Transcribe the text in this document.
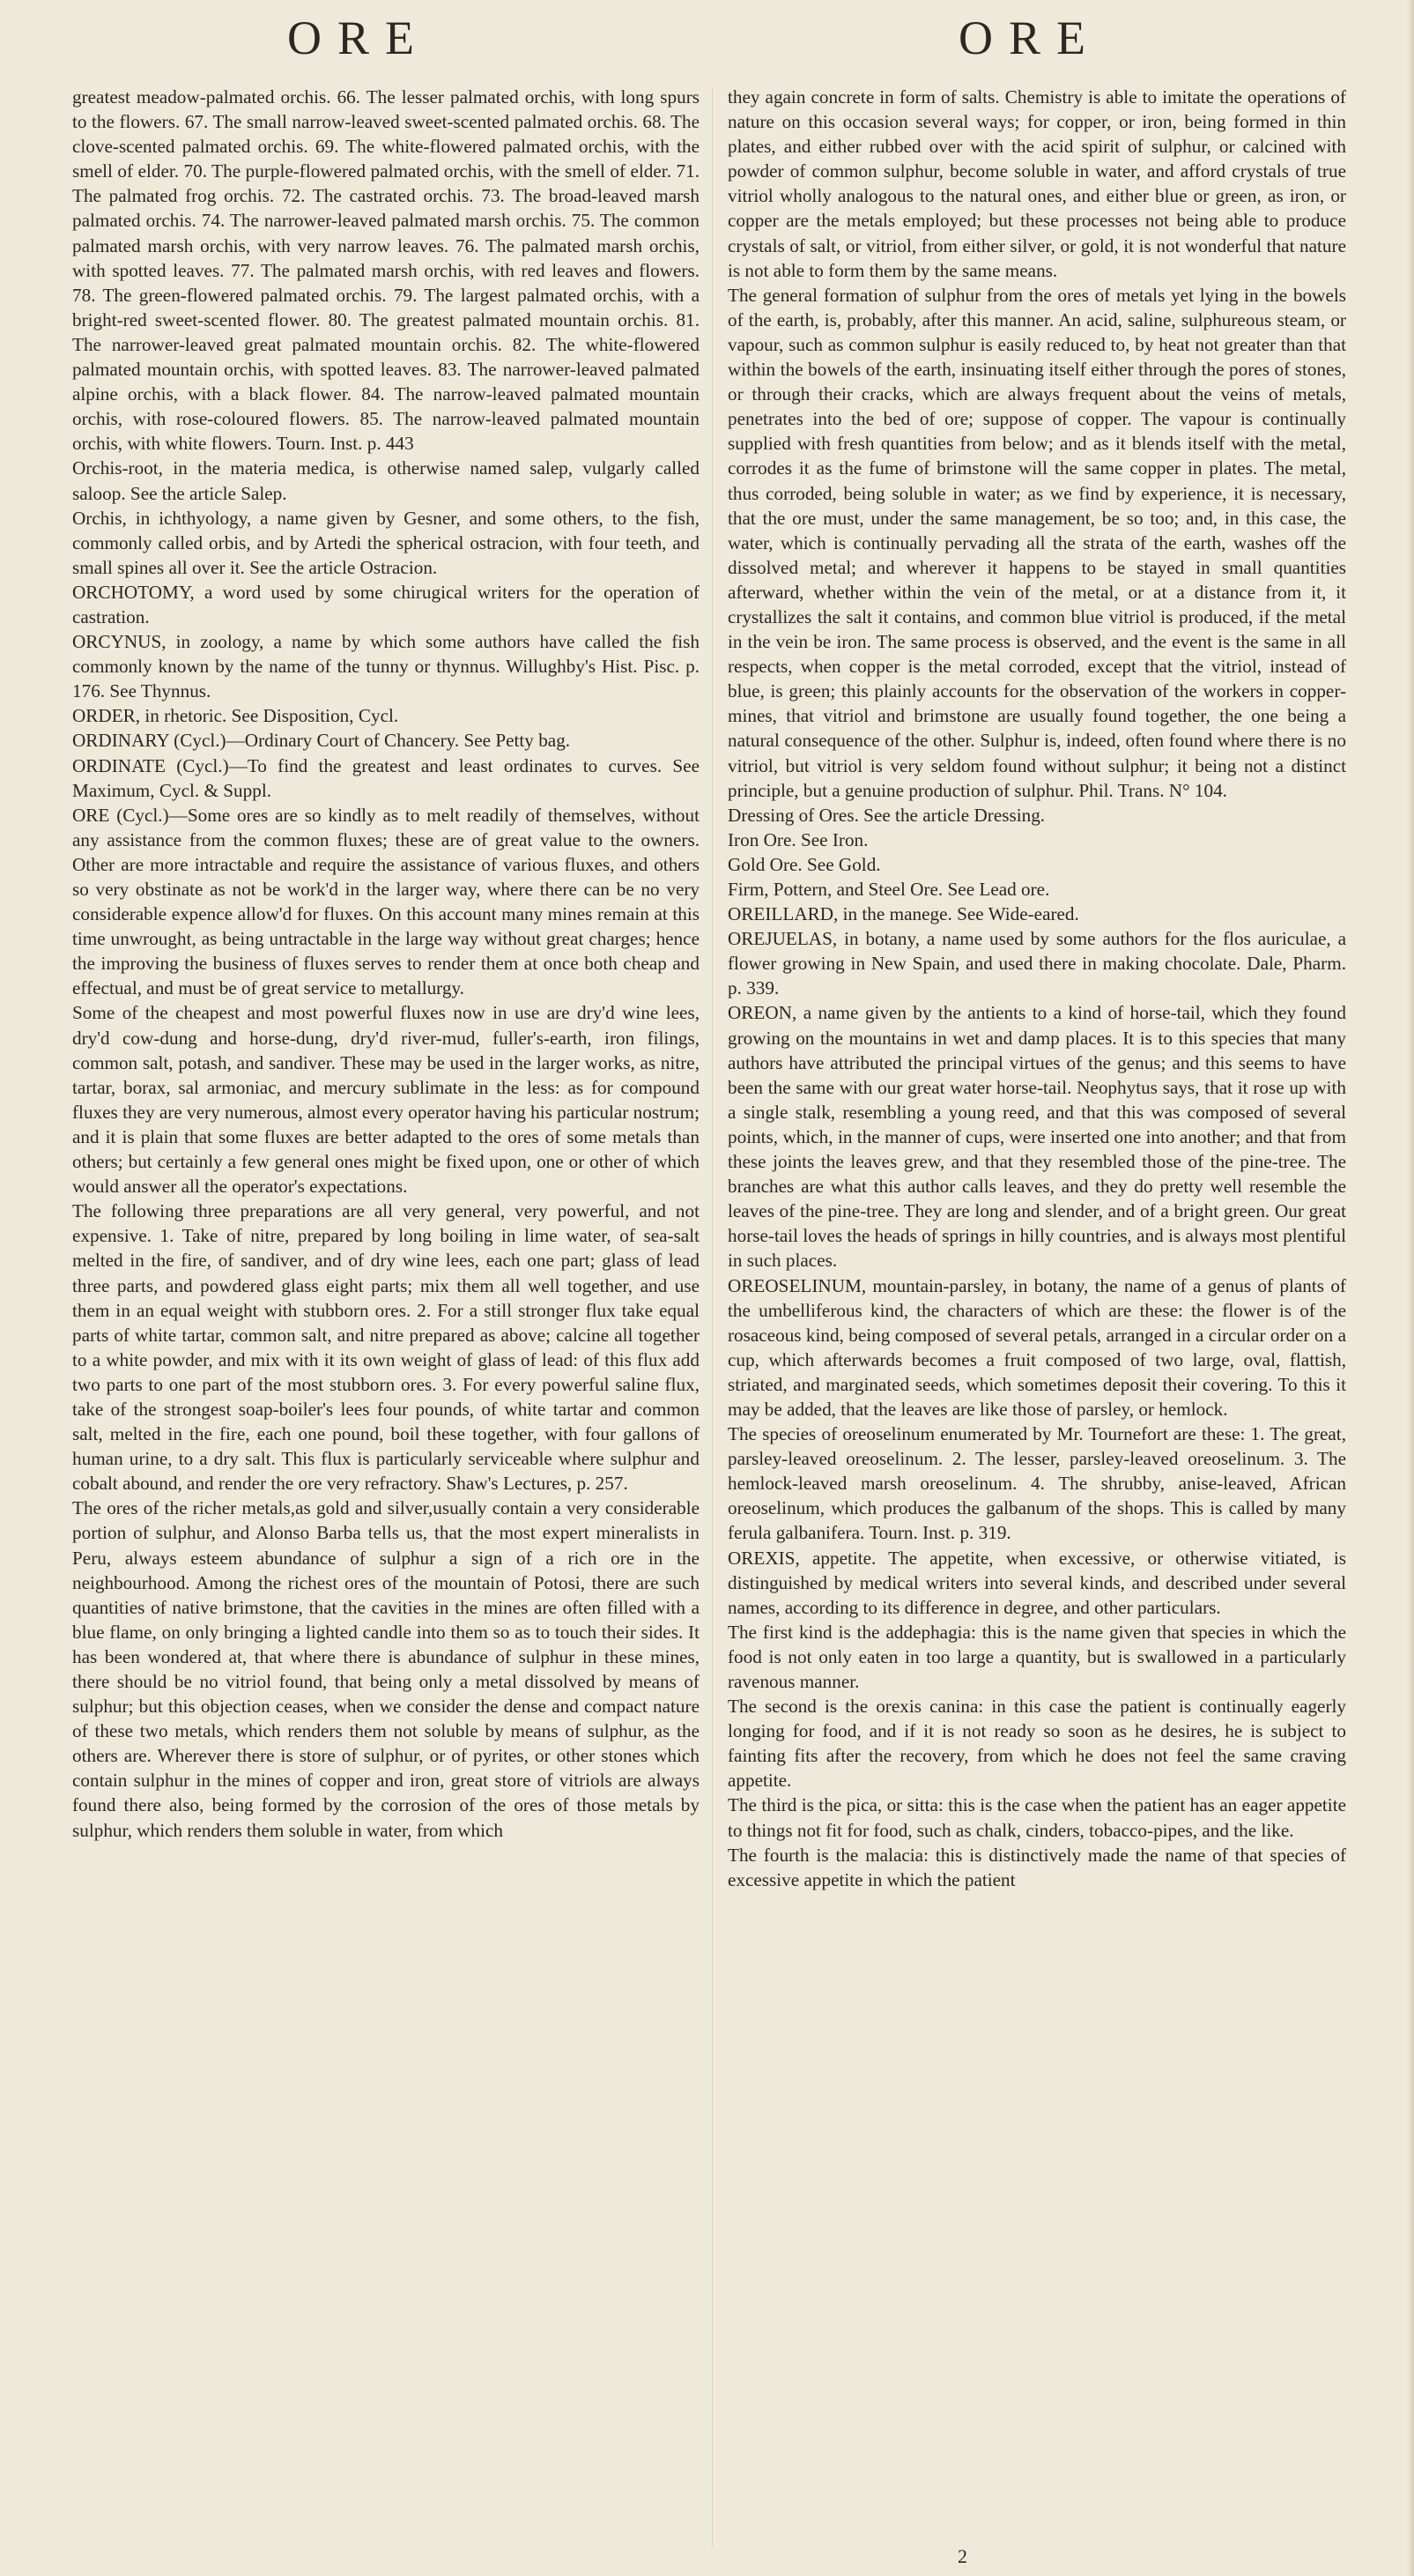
ORE	ORE

greatest meadow-palmated orchis. 66. The lesser palmated orchis, with long spurs to the flowers. 67. The small narrow-leaved sweet-scented palmated orchis. 68. The clove-scented palmated orchis. 69. The white-flowered palmated orchis, with the smell of elder. 70. The purple-flowered palmated orchis, with the smell of elder. 71. The palmated frog orchis. 72. The castrated orchis. 73. The broad-leaved marsh palmated orchis. 74. The narrower-leaved palmated marsh orchis. 75. The common palmated marsh orchis, with very narrow leaves. 76. The palmated marsh orchis, with spotted leaves. 77. The palmated marsh orchis, with red leaves and flowers. 78. The green-flowered palmated orchis. 79. The largest palmated orchis, with a bright-red sweet-scented flower. 80. The greatest palmated mountain orchis. 81. The narrower-leaved great palmated mountain orchis. 82. The white-flowered palmated mountain orchis, with spotted leaves. 83. The narrower-leaved palmated alpine orchis, with a black flower. 84. The narrow-leaved palmated mountain orchis, with rose-coloured flowers. 85. The narrow-leaved palmated mountain orchis, with white flowers. Tourn. Inst. p. 443

Orchis-root, in the materia medica, is otherwise named salep, vulgarly called saloop. See the article Salep.

Orchis, in ichthyology, a name given by Gesner, and some others, to the fish, commonly called orbis, and by Artedi the spherical ostracion, with four teeth, and small spines all over it. See the article Ostracion.

ORCHOTOMY, a word used by some chirugical writers for the operation of castration.

ORCYNUS, in zoology, a name by which some authors have called the fish commonly known by the name of the tunny or thynnus. Willughby's Hist. Pisc. p. 176. See Thynnus.

ORDER, in rhetoric. See Disposition, Cycl.

ORDINARY (Cycl.)—Ordinary Court of Chancery. See Petty bag.

ORDINATE (Cycl.)—To find the greatest and least ordinates to curves. See Maximum, Cycl. & Suppl.

ORE (Cycl.)—Some ores are so kindly as to melt readily of themselves, without any assistance from the common fluxes; these are of great value to the owners. Other are more intractable and require the assistance of various fluxes, and others so very obstinate as not be work'd in the larger way, where there can be no very considerable expence allow'd for fluxes. On this account many mines remain at this time unwrought, as being untractable in the large way without great charges; hence the improving the business of fluxes serves to render them at once both cheap and effectual, and must be of great service to metallurgy.

Some of the cheapest and most powerful fluxes now in use are dry'd wine lees, dry'd cow-dung and horse-dung, dry'd river-mud, fuller's-earth, iron filings, common salt, potash, and sandiver. These may be used in the larger works, as nitre, tartar, borax, sal armoniac, and mercury sublimate in the less: as for compound fluxes they are very numerous, almost every operator having his particular nostrum; and it is plain that some fluxes are better adapted to the ores of some metals than others; but certainly a few general ones might be fixed upon, one or other of which would answer all the operator's expectations.

The following three preparations are all very general, very powerful, and not expensive. 1. Take of nitre, prepared by long boiling in lime water, of sea-salt melted in the fire, of sandiver, and of dry wine lees, each one part; glass of lead three parts, and powdered glass eight parts; mix them all well together, and use them in an equal weight with stubborn ores. 2. For a still stronger flux take equal parts of white tartar, common salt, and nitre prepared as above; calcine all together to a white powder, and mix with it its own weight of glass of lead: of this flux add two parts to one part of the most stubborn ores. 3. For every powerful saline flux, take of the strongest soap-boiler's lees four pounds, of white tartar and common salt, melted in the fire, each one pound, boil these together, with four gallons of human urine, to a dry salt. This flux is particularly serviceable where sulphur and cobalt abound, and render the ore very refractory. Shaw's Lectures, p. 257.

The ores of the richer metals,as gold and silver,usually contain a very considerable portion of sulphur, and Alonso Barba tells us, that the most expert mineralists in Peru, always esteem abundance of sulphur a sign of a rich ore in the neighbourhood. Among the richest ores of the mountain of Potosi, there are such quantities of native brimstone, that the cavities in the mines are often filled with a blue flame, on only bringing a lighted candle into them so as to touch their sides. It has been wondered at, that where there is abundance of sulphur in these mines, there should be no vitriol found, that being only a metal dissolved by means of sulphur; but this objection ceases, when we consider the dense and compact nature of these two metals, which renders them not soluble by means of sulphur, as the others are. Wherever there is store of sulphur, or of pyrites, or other stones which contain sulphur in the mines of copper and iron, great store of vitriols are always found there also, being formed by the corrosion of the ores of those metals by sulphur, which renders them soluble in water, from which

they again concrete in form of salts. Chemistry is able to imitate the operations of nature on this occasion several ways; for copper, or iron, being formed in thin plates, and either rubbed over with the acid spirit of sulphur, or calcined with powder of common sulphur, become soluble in water, and afford crystals of true vitriol wholly analogous to the natural ones, and either blue or green, as iron, or copper are the metals employed; but these processes not being able to produce crystals of salt, or vitriol, from either silver, or gold, it is not wonderful that nature is not able to form them by the same means.

The general formation of sulphur from the ores of metals yet lying in the bowels of the earth, is, probably, after this manner. An acid, saline, sulphureous steam, or vapour, such as common sulphur is easily reduced to, by heat not greater than that within the bowels of the earth, insinuating itself either through the pores of stones, or through their cracks, which are always frequent about the veins of metals, penetrates into the bed of ore; suppose of copper. The vapour is continually supplied with fresh quantities from below; and as it blends itself with the metal, corrodes it as the fume of brimstone will the same copper in plates. The metal, thus corroded, being soluble in water; as we find by experience, it is necessary, that the ore must, under the same management, be so too; and, in this case, the water, which is continually pervading all the strata of the earth, washes off the dissolved metal; and wherever it happens to be stayed in small quantities afterward, whether within the vein of the metal, or at a distance from it, it crystallizes the salt it contains, and common blue vitriol is produced, if the metal in the vein be iron. The same process is observed, and the event is the same in all respects, when copper is the metal corroded, except that the vitriol, instead of blue, is green; this plainly accounts for the observation of the workers in copper-mines, that vitriol and brimstone are usually found together, the one being a natural consequence of the other. Sulphur is, indeed, often found where there is no vitriol, but vitriol is very seldom found without sulphur; it being not a distinct principle, but a genuine production of sulphur. Phil. Trans. N° 104.

Dressing of Ores. See the article Dressing.

Iron Ore. See Iron.

Gold Ore. See Gold.

Firm, Pottern, and Steel Ore. See Lead ore.

OREILLARD, in the manege. See Wide-eared.

OREJUELAS, in botany, a name used by some authors for the flos auriculae, a flower growing in New Spain, and used there in making chocolate. Dale, Pharm. p. 339.

OREON, a name given by the antients to a kind of horse-tail, which they found growing on the mountains in wet and damp places. It is to this species that many authors have attributed the principal virtues of the genus; and this seems to have been the same with our great water horse-tail. Neophytus says, that it rose up with a single stalk, resembling a young reed, and that this was composed of several points, which, in the manner of cups, were inserted one into another; and that from these joints the leaves grew, and that they resembled those of the pine-tree. The branches are what this author calls leaves, and they do pretty well resemble the leaves of the pine-tree. They are long and slender, and of a bright green. Our great horse-tail loves the heads of springs in hilly countries, and is always most plentiful in such places.

OREOSELINUM, mountain-parsley, in botany, the name of a genus of plants of the umbelliferous kind, the characters of which are these: the flower is of the rosaceous kind, being composed of several petals, arranged in a circular order on a cup, which afterwards becomes a fruit composed of two large, oval, flattish, striated, and marginated seeds, which sometimes deposit their covering. To this it may be added, that the leaves are like those of parsley, or hemlock.

The species of oreoselinum enumerated by Mr. Tournefort are these: 1. The great, parsley-leaved oreoselinum. 2. The lesser, parsley-leaved oreoselinum. 3. The hemlock-leaved marsh oreoselinum. 4. The shrubby, anise-leaved, African oreoselinum, which produces the galbanum of the shops. This is called by many ferula galbanifera. Tourn. Inst. p. 319.

OREXIS, appetite. The appetite, when excessive, or otherwise vitiated, is distinguished by medical writers into several kinds, and described under several names, according to its difference in degree, and other particulars.

The first kind is the addephagia: this is the name given that species in which the food is not only eaten in too large a quantity, but is swallowed in a particularly ravenous manner.

The second is the orexis canina: in this case the patient is continually eagerly longing for food, and if it is not ready so soon as he desires, he is subject to fainting fits after the recovery, from which he does not feel the same craving appetite.

The third is the pica, or sitta: this is the case when the patient has an eager appetite to things not fit for food, such as chalk, cinders, tobacco-pipes, and the like.

The fourth is the malacia: this is distinctively made the name of that species of excessive appetite in which the patient

2
